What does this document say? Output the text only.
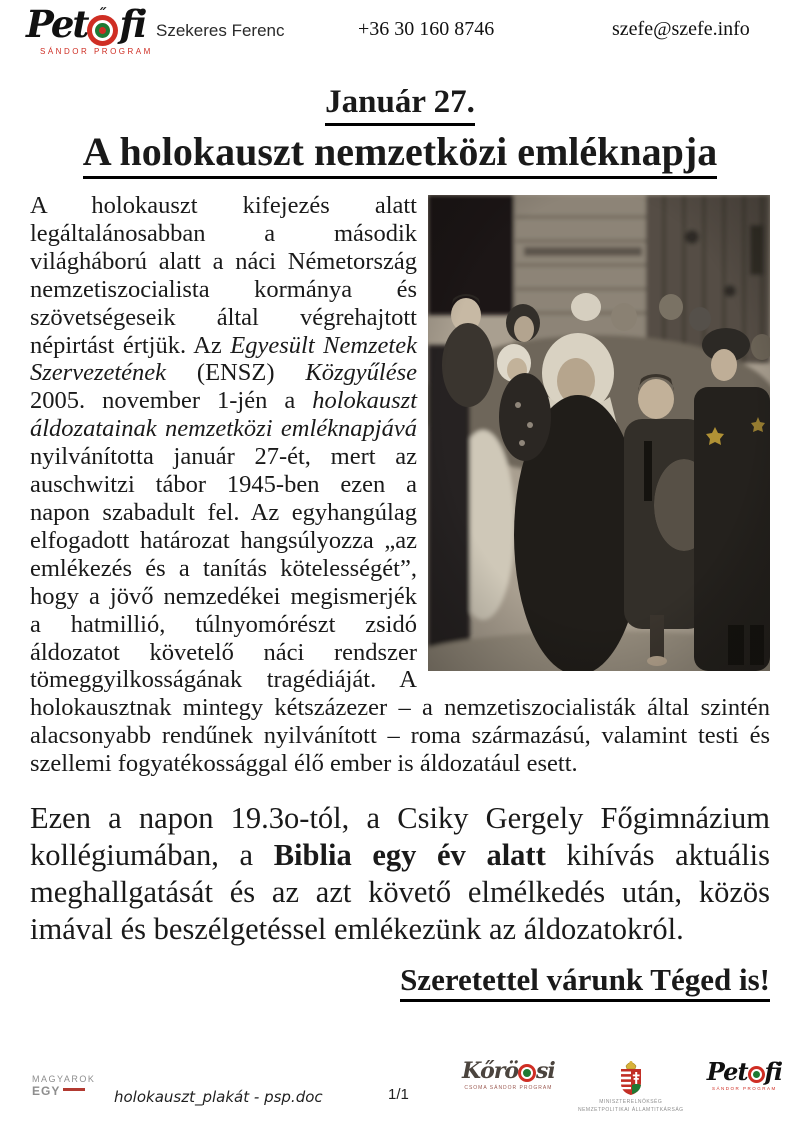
Pet ˝ fi
SÁNDOR PROGRAM
Szekeres Ferenc	+36 30 160 8746	szefe@szefe.info
Január 27.
A holokauszt nemzetközi emléknapja

A holokauszt kifejezés alatt legáltalánosabban a második világháború alatt a náci Németország nemzetiszocialista kormánya és szövetségeseik által végrehajtott népirtást értjük. Az Egyesült Nemzetek Szervezetének (ENSZ) Közgyűlése 2005. november 1-jén a holokauszt áldozatainak nemzetközi emléknapjává nyilvánította január 27-ét, mert az auschwitzi tábor 1945-ben ezen a napon szabadult fel. Az egyhangúlag elfogadott határozat hangsúlyozza „az emlékezés és a tanítás kötelességét”, hogy a jövő nemzedékei megismerjék a hatmillió, túlnyomórészt zsidó áldozatot követelő náci rendszer tömeggyilkosságának tragédiáját. A holokausztnak mintegy kétszázezer – a nemzetiszocialisták által szintén alacsonyabb rendűnek nyilvánított – roma származású, valamint testi és szellemi fogyatékossággal élő ember is áldozatául esett.

Ezen a napon 19.3o-tól, a Csiky Gergely Főgimnázium kollégiumában, a Biblia egy év alatt kihívás aktuális meghallgatását és az azt követő elmélkedés után, közös imával és beszélgetéssel emlékezünk az áldozatokról.

Szeretettel várunk Téged is!
MAGYAROK
EGY	holokauszt_plakát - psp.doc	1/1
Kőrö si
CSOMA SÁNDOR PROGRAM
MINISZTERELNÖKSÉG
NEMZETPOLITIKAI ÁLLAMTITKÁRSÁG
Pet fi
SÁNDOR PROGRAM
